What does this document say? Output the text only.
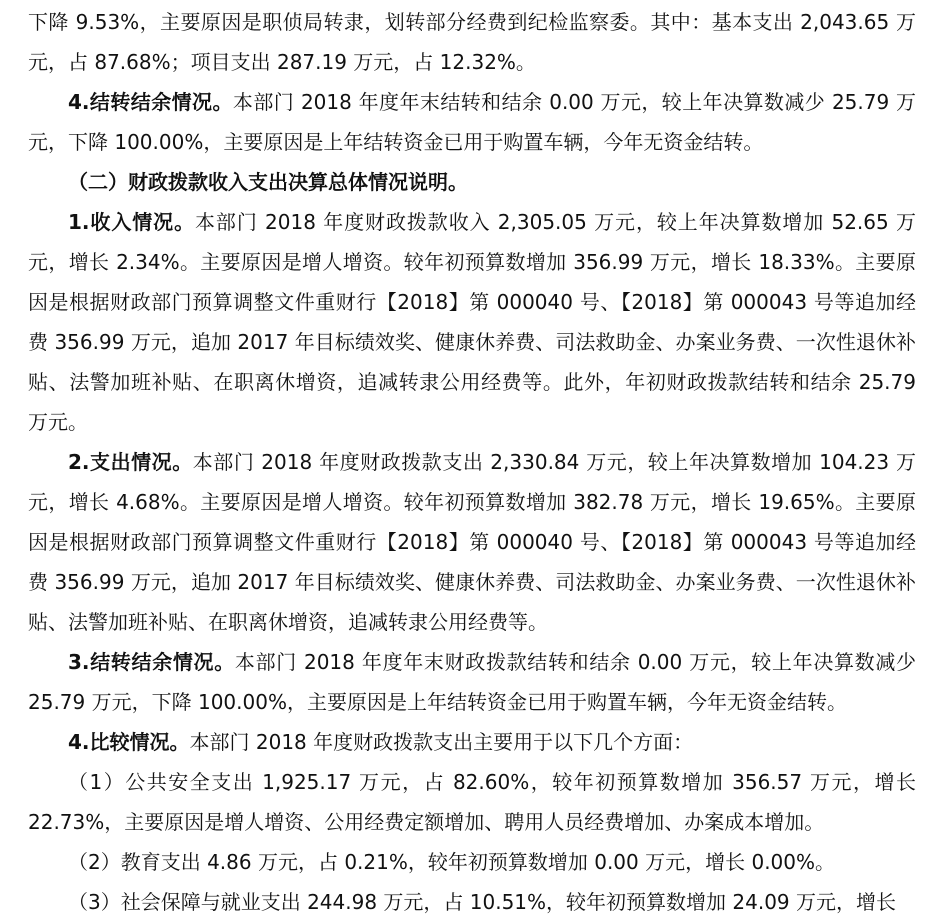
下降 9.53%，主要原因是职侦局转隶，划转部分经费到纪检监察委。其中：基本支出 2,043.65 万元，占 87.68%；项目支出 287.19 万元，占 12.32%。

4.结转结余情况。本部门 2018 年度年末结转和结余 0.00 万元，较上年决算数减少 25.79 万元，下降 100.00%，主要原因是上年结转资金已用于购置车辆，今年无资金结转。

（二）财政拨款收入支出决算总体情况说明。

1.收入情况。本部门 2018 年度财政拨款收入 2,305.05 万元，较上年决算数增加 52.65 万元，增长 2.34%。主要原因是增人增资。较年初预算数增加 356.99 万元，增长 18.33%。主要原因是根据财政部门预算调整文件重财行【2018】第 000040 号、【2018】第 000043 号等追加经费 356.99 万元，追加 2017 年目标绩效奖、健康休养费、司法救助金、办案业务费、一次性退休补贴、法警加班补贴、在职离休增资，追减转隶公用经费等。此外，年初财政拨款结转和结余 25.79 万元。

2.支出情况。本部门 2018 年度财政拨款支出 2,330.84 万元，较上年决算数增加 104.23 万元，增长 4.68%。主要原因是增人增资。较年初预算数增加 382.78 万元，增长 19.65%。主要原因是根据财政部门预算调整文件重财行【2018】第 000040 号、【2018】第 000043 号等追加经费 356.99 万元，追加 2017 年目标绩效奖、健康休养费、司法救助金、办案业务费、一次性退休补贴、法警加班补贴、在职离休增资，追减转隶公用经费等。

3.结转结余情况。本部门 2018 年度年末财政拨款结转和结余 0.00 万元，较上年决算数减少 25.79 万元，下降 100.00%，主要原因是上年结转资金已用于购置车辆，今年无资金结转。

4.比较情况。本部门 2018 年度财政拨款支出主要用于以下几个方面：

（1）公共安全支出 1,925.17 万元，占 82.60%，较年初预算数增加 356.57 万元，增长 22.73%，主要原因是增人增资、公用经费定额增加、聘用人员经费增加、办案成本增加。

（2）教育支出 4.86 万元，占 0.21%，较年初预算数增加 0.00 万元，增长 0.00%。

（3）社会保障与就业支出 244.98 万元，占 10.51%，较年初预算数增加 24.09 万元，增长
